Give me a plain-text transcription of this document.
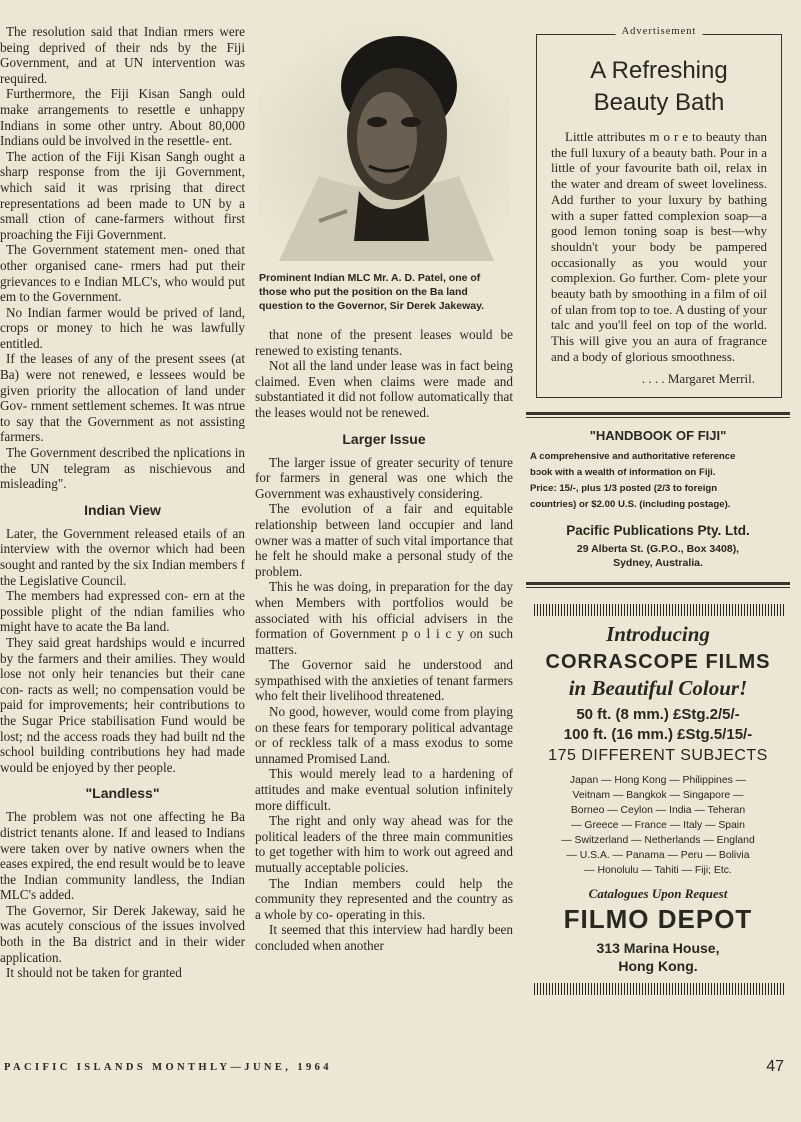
The resolution said that Indian rmers were being deprived of their nds by the Fiji Government, and at UN intervention was required.

Furthermore, the Fiji Kisan Sangh ould make arrangements to resettle e unhappy Indians in some other untry. About 80,000 Indians ould be involved in the resettle- ent.

The action of the Fiji Kisan Sangh ought a sharp response from the iji Government, which said it was rprising that direct representations ad been made to UN by a small ction of cane-farmers without first proaching the Fiji Government.

The Government statement men- oned that other organised cane- rmers had put their grievances to e Indian MLC's, who would put em to the Government.

No Indian farmer would be prived of land, crops or money to hich he was lawfully entitled.

If the leases of any of the present ssees (at Ba) were not renewed, e lessees would be given priority the allocation of land under Gov- rnment settlement schemes. It was ntrue to say that the Government as not assisting farmers.

The Government described the nplications in the UN telegram as nischievous and misleading".

Indian View

Later, the Government released etails of an interview with the overnor which had been sought and ranted by the six Indian members f the Legislative Council.

The members had expressed con- ern at the possible plight of the ndian families who might have to acate the Ba land.

They said great hardships would e incurred by the farmers and their amilies. They would lose not only heir tenancies but their cane con- racts as well; no compensation vould be paid for improvements; heir contributions to the Sugar Price stabilisation Fund would be lost; nd the access roads they had built nd the school building contributions hey had made would be enjoyed by ther people.

"Landless"

The problem was not one affecting he Ba district tenants alone. If and leased to Indians were taken over by native owners when the eases expired, the end result would be to leave the Indian community landless, the Indian MLC's added.

The Governor, Sir Derek Jakeway, said he was acutely conscious of the issues involved both in the Ba district and in their wider application.

It should not be taken for granted

Prominent Indian MLC Mr. A. D. Patel, one of those who put the position on the Ba land question to the Governor, Sir Derek Jakeway.

that none of the present leases would be renewed to existing tenants.

Not all the land under lease was in fact being claimed. Even when claims were made and substantiated it did not follow automatically that the leases would not be renewed.

Larger Issue

The larger issue of greater security of tenure for farmers in general was one which the Government was exhaustively considering.

The evolution of a fair and equitable relationship between land occupier and land owner was a matter of such vital importance that he felt he should make a personal study of the problem.

This he was doing, in preparation for the day when Members with portfolios would be associated with his official advisers in the formation of Government p o l i c y on such matters.

The Governor said he understood and sympathised with the anxieties of tenant farmers who felt their livelihood threatened.

No good, however, would come from playing on these fears for temporary political advantage or of reckless talk of a mass exodus to some unnamed Promised Land.

This would merely lead to a hardening of attitudes and make eventual solution infinitely more difficult.

The right and only way ahead was for the political leaders of the three main communities to get together with him to work out agreed and mutually acceptable policies.

The Indian members could help the community they represented and the country as a whole by co- operating in this.

It seemed that this interview had hardly been concluded when another

Advertisement
A Refreshing
Beauty Bath

Little attributes m o r e to beauty than the full luxury of a beauty bath. Pour in a little of your favourite bath oil, relax in the water and dream of sweet loveliness. Add further to your luxury by bathing with a super fatted complexion soap—a good lemon toning soap is best—why shouldn't your body be pampered occasionally as you would your complexion. Go further. Com- plete your beauty bath by smoothing in a film of oil of ulan from top to toe. A dusting of your talc and you'll feel on top of the world. This will give you an aura of fragrance and a body of glorious smoothness.

. . . . Margaret Merril.
"HANDBOOK OF FIJI"
A comprehensive and authoritative reference
bɔok with a wealth of information on Fiji.
Price: 15/-, plus 1/3 posted (2/3 to foreign
countries) or $2.00 U.S. (including postage).
Pacific Publications Pty. Ltd.
29 Alberta St. (G.P.O., Box 3408),
Sydney, Australia.
Introducing
CORRASCOPE FILMS
in Beautiful Colour!
50 ft. (8 mm.) £Stg.2/5/-
100 ft. (16 mm.) £Stg.5/15/-
175 DIFFERENT SUBJECTS
Japan — Hong Kong — Philippines —
Veitnam — Bangkok — Singapore —
Borneo — Ceylon — India — Teheran
— Greece — France — Italy — Spain
— Switzerland — Netherlands — England
— U.S.A. — Panama — Peru — Bolivia
— Honolulu — Tahiti — Fiji; Etc.
Catalogues Upon Request
FILMO DEPOT
313 Marina House,
Hong Kong.
PACIFIC ISLANDS MONTHLY—JUNE, 1964	47
